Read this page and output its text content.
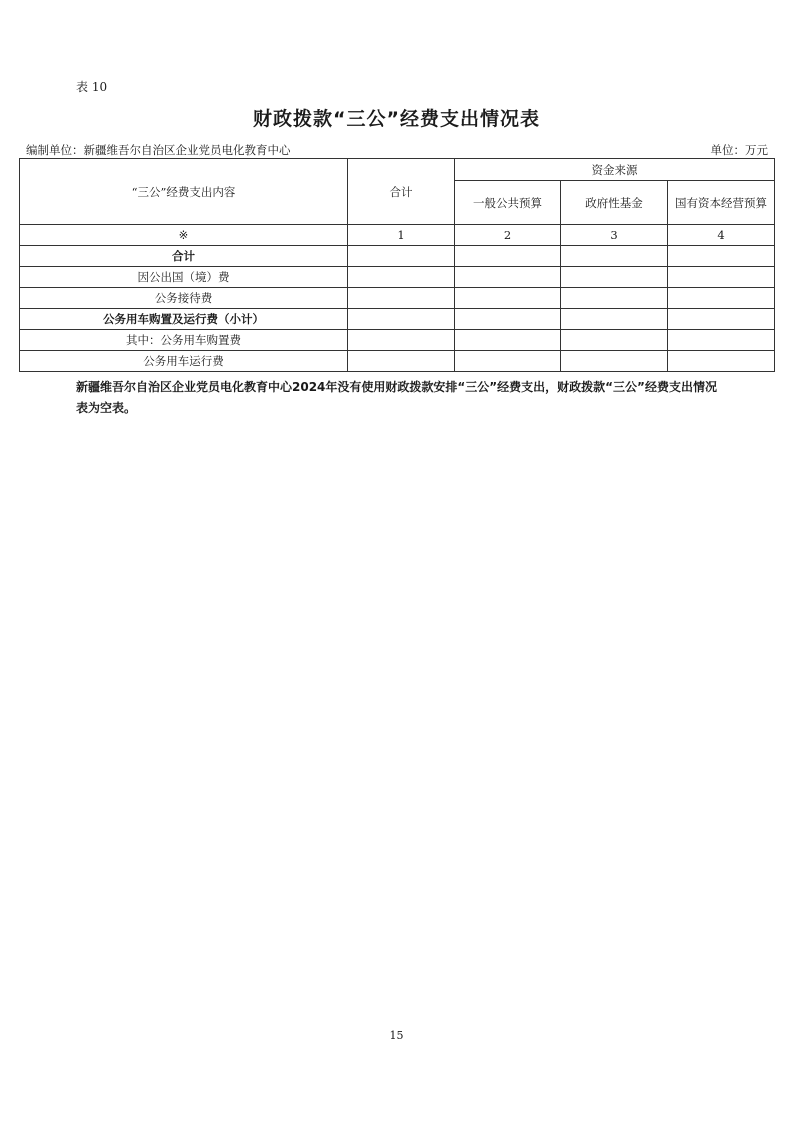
表 10
财政拨款“三公”经费支出情况表
编制单位：新疆维吾尔自治区企业党员电化教育中心	单位：万元
“三公”经费支出内容	合计	资金来源		
		一般公共预算	政府性基金	国有资本经营预算
※	1	2	3	4
合计				
因公出国（境）费				
公务接待费				
公务用车购置及运行费（小计）				
其中：公务用车购置费				
公务用车运行费				
新疆维吾尔自治区企业党员电化教育中心2024年没有使用财政拨款安排“三公”经费支出，财政拨款“三公”经费支出情况表为空表。
15
